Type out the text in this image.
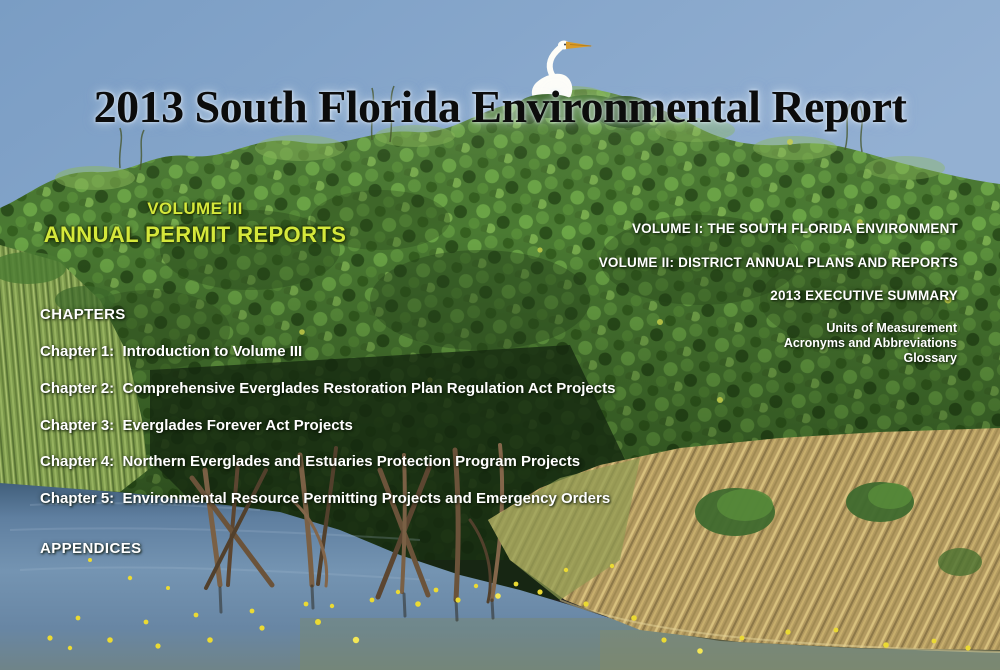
2013 South Florida Environmental Report
VOLUME III
ANNUAL PERMIT REPORTS	VOLUME I: THE SOUTH FLORIDA ENVIRONMENT
VOLUME II: DISTRICT ANNUAL PLANS AND REPORTS
2013 EXECUTIVE SUMMARY
Units of Measurement
Acronyms and Abbreviations
Glossary
CHAPTERS
Chapter 1:  Introduction to Volume III
Chapter 2:  Comprehensive Everglades Restoration Plan Regulation Act Projects
Chapter 3:  Everglades Forever Act Projects
Chapter 4:  Northern Everglades and Estuaries Protection Program Projects
Chapter 5:  Environmental Resource Permitting Projects and Emergency Orders
APPENDICES
